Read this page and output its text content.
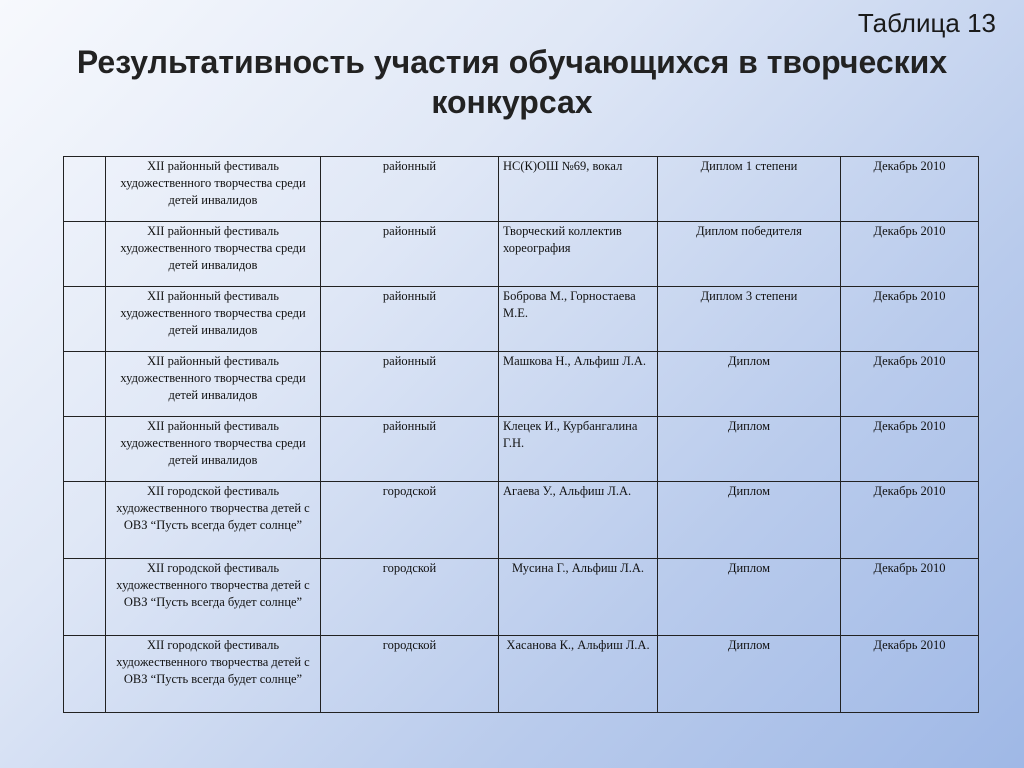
Таблица 13
Результативность участия обучающихся в творческих конкурсах
	XII районный фестиваль художественного творчества среди детей инвалидов	районный	НС(К)ОШ №69, вокал	Диплом 1 степени	Декабрь 2010
	XII районный фестиваль художественного творчества среди детей инвалидов	районный	Творческий коллектив хореография	Диплом победителя	Декабрь 2010
	XII районный фестиваль художественного творчества среди детей инвалидов	районный	Боброва М., Горностаева М.Е.	Диплом 3 степени	Декабрь 2010
	XII районный фестиваль художественного творчества среди детей инвалидов	районный	Машкова Н., Альфиш Л.А.	Диплом	Декабрь 2010
	XII районный фестиваль художественного творчества среди детей инвалидов	районный	Клецек И., Курбангалина Г.Н.	Диплом	Декабрь 2010
	XII городской фестиваль художественного творчества детей с ОВЗ “Пусть всегда будет солнце”	городской	Агаева У., Альфиш Л.А.	Диплом	Декабрь 2010
	XII городской фестиваль художественного творчества детей с ОВЗ “Пусть всегда будет солнце”	городской	Мусина Г., Альфиш Л.А.	Диплом	Декабрь 2010
	XII городской фестиваль художественного творчества детей с ОВЗ “Пусть всегда будет солнце”	городской	Хасанова К., Альфиш Л.А.	Диплом	Декабрь 2010
